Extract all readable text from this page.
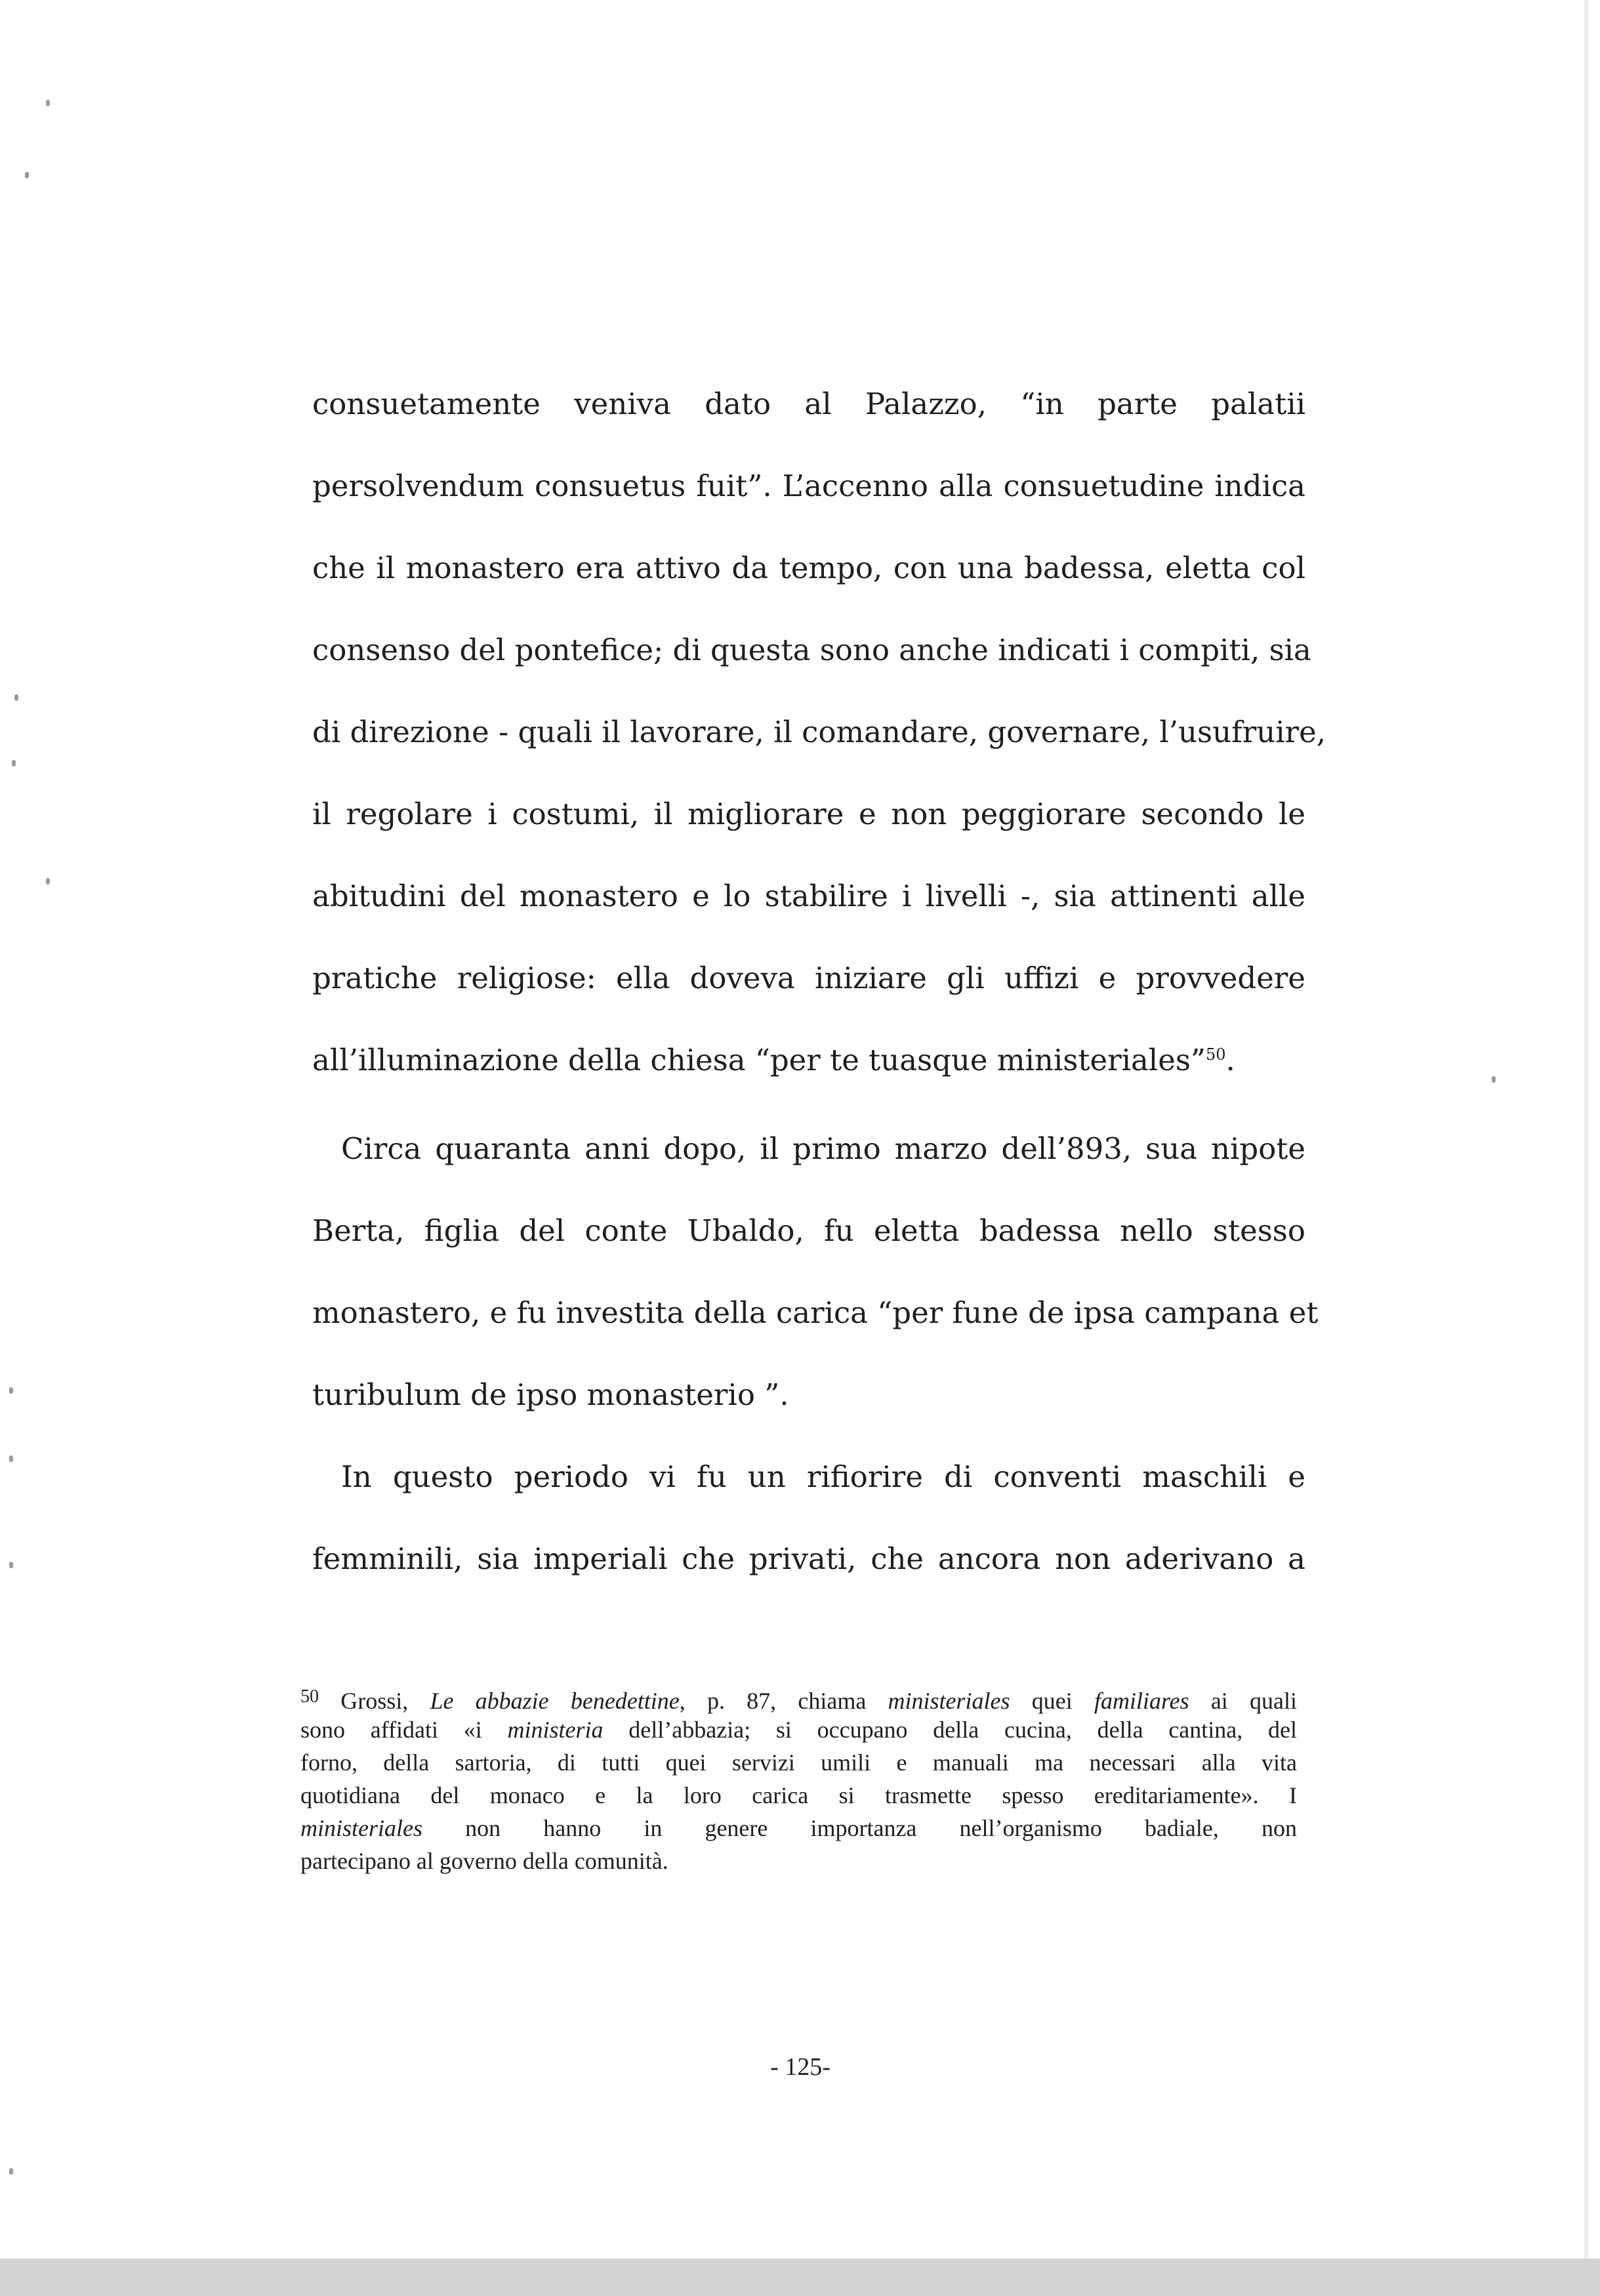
consuetamente veniva dato al Palazzo, “in parte palatii

persolvendum consuetus fuit”. L’accenno alla consuetudine indica

che il monastero era attivo da tempo, con una badessa, eletta col

consenso del pontefice; di questa sono anche indicati i compiti, sia

di direzione - quali il lavorare, il comandare, governare, l’usufruire,

il regolare i costumi, il migliorare e non peggiorare secondo le

abitudini del monastero e lo stabilire i livelli -, sia attinenti alle

pratiche religiose: ella doveva iniziare gli uffizi e provvedere

all’illuminazione della chiesa “per te tuasque ministeriales”$^{50}$.

Circa quaranta anni dopo, il primo marzo dell’893, sua nipote

Berta, figlia del conte Ubaldo, fu eletta badessa nello stesso

monastero, e fu investita della carica “per fune de ipsa campana et

turibulum de ipso monasterio ”.

In questo periodo vi fu un rifiorire di conventi maschili e

femminili, sia imperiali che privati, che ancora non aderivano a

$^{50}$ Grossi, Le abbazie benedettine, p. 87, chiama ministeriales quei familiares ai quali

sono affidati «i ministeria dell’abbazia; si occupano della cucina, della cantina, del

forno, della sartoria, di tutti quei servizi umili e manuali ma necessari alla vita

quotidiana del monaco e la loro carica si trasmette spesso ereditariamente». I

ministeriales non hanno in genere importanza nell’organismo badiale, non

partecipano al governo della comunità.

- 125-
